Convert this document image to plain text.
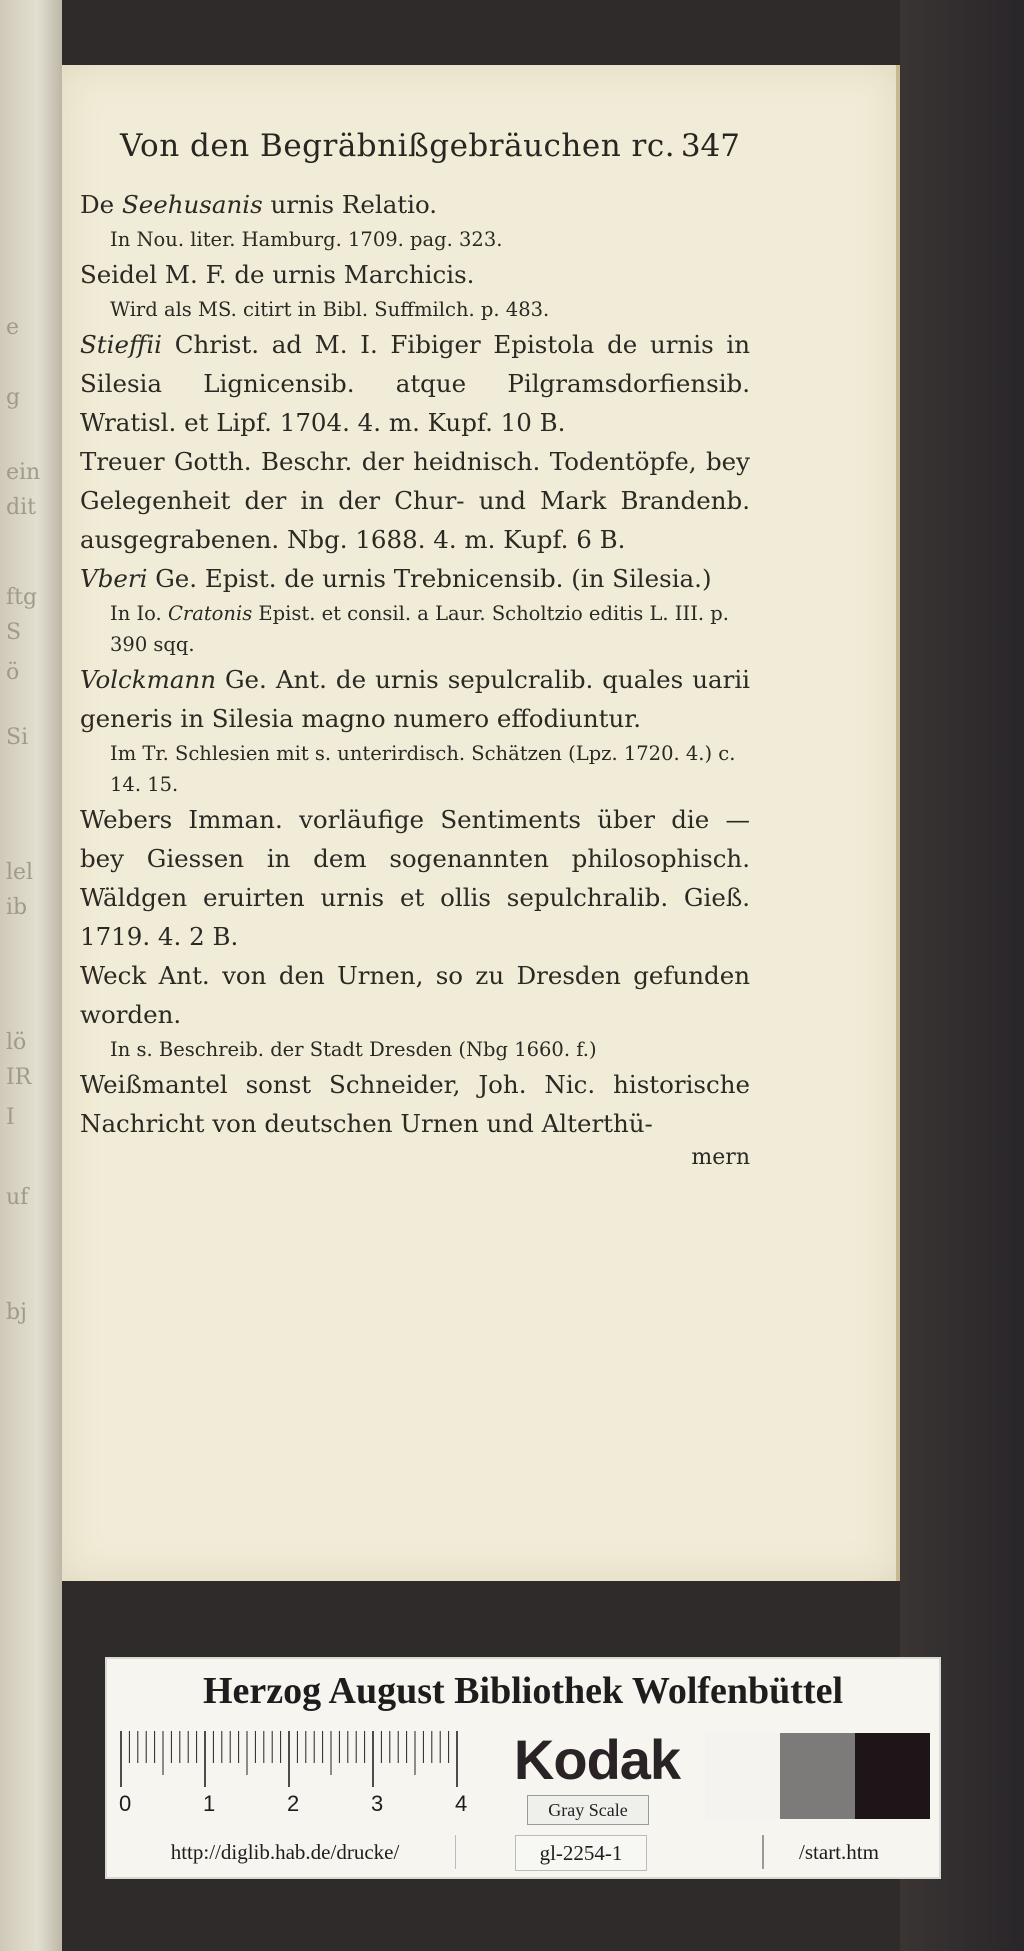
e
g
ein
dit
ftg
S
ö
Si
lel
ib
lö
IR
I
uf
bj
Von den Begräbnißgebräuchen rc. 347

De Seehusanis urnis Relatio.

In Nou. liter. Hamburg. 1709. pag. 323.

Seidel M. F. de urnis Marchicis.

Wird als MS. citirt in Bibl. Suffmilch. p. 483.

Stieffii Christ. ad M. I. Fibiger Epistola de urnis in Silesia Lignicensib. atque Pilgramsdorfiensib. Wratisl. et Lipf. 1704. 4. m. Kupf. 10 B.

Treuer Gotth. Beschr. der heidnisch. Todentöpfe, bey Gelegenheit der in der Chur- und Mark Brandenb. ausgegrabenen. Nbg. 1688. 4. m. Kupf. 6 B.

Vberi Ge. Epist. de urnis Trebnicensib. (in Silesia.)

In Io. Cratonis Epist. et consil. a Laur. Scholtzio editis L. III. p. 390 sqq.

Volckmann Ge. Ant. de urnis sepulcralib. quales uarii generis in Silesia magno numero effodiuntur.

Im Tr. Schlesien mit s. unterirdisch. Schätzen (Lpz. 1720. 4.) c. 14. 15.

Webers Imman. vorläufige Sentiments über die — bey Giessen in dem sogenannten philosophisch. Wäldgen eruirten urnis et ollis sepulchralib. Gieß. 1719. 4. 2 B.

Weck Ant. von den Urnen, so zu Dresden gefunden worden.

In s. Beschreib. der Stadt Dresden (Nbg 1660. f.)

Weißmantel sonst Schneider, Joh. Nic. historische Nachricht von deutschen Urnen und Alterthü-

mern
Herzog August Bibliothek Wolfenbüttel
0	1	2	3	4
Kodak
Gray Scale
http://diglib.hab.de/drucke/	gl-2254-1	/start.htm
